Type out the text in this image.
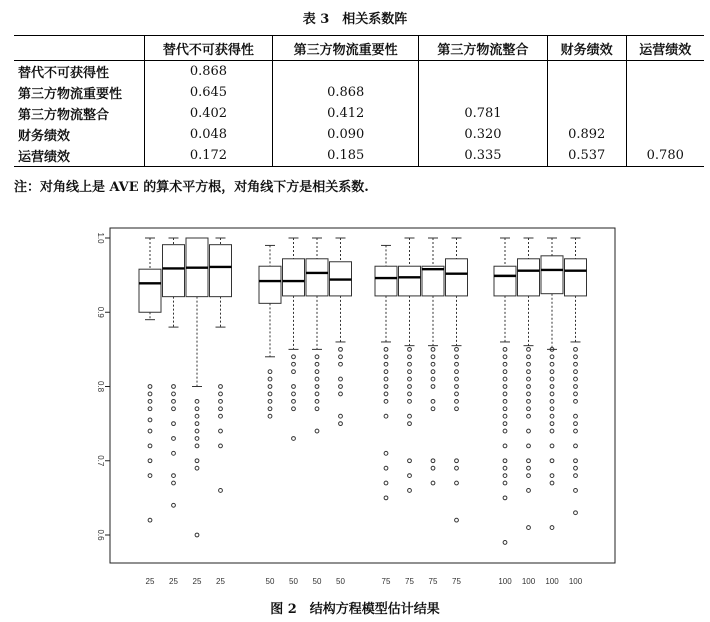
表 3　相关系数阵
	替代不可获得性	第三方物流重要性	第三方物流整合	财务绩效	运营绩效
替代不可获得性	0.868				
第三方物流重要性	0.645	0.868			
第三方物流整合	0.402	0.412	0.781		
财务绩效	0.048	0.090	0.320	0.892	
运营绩效	0.172	0.185	0.335	0.537	0.780
注：对角线上是 AVE 的算术平方根，对角线下方是相关系数.
1.0
0.9
0.8
0.7
0.6
25 25 25 25	50 50 50 50	75 75 75 75	100 100 100 100
图 2　结构方程模型估计结果
